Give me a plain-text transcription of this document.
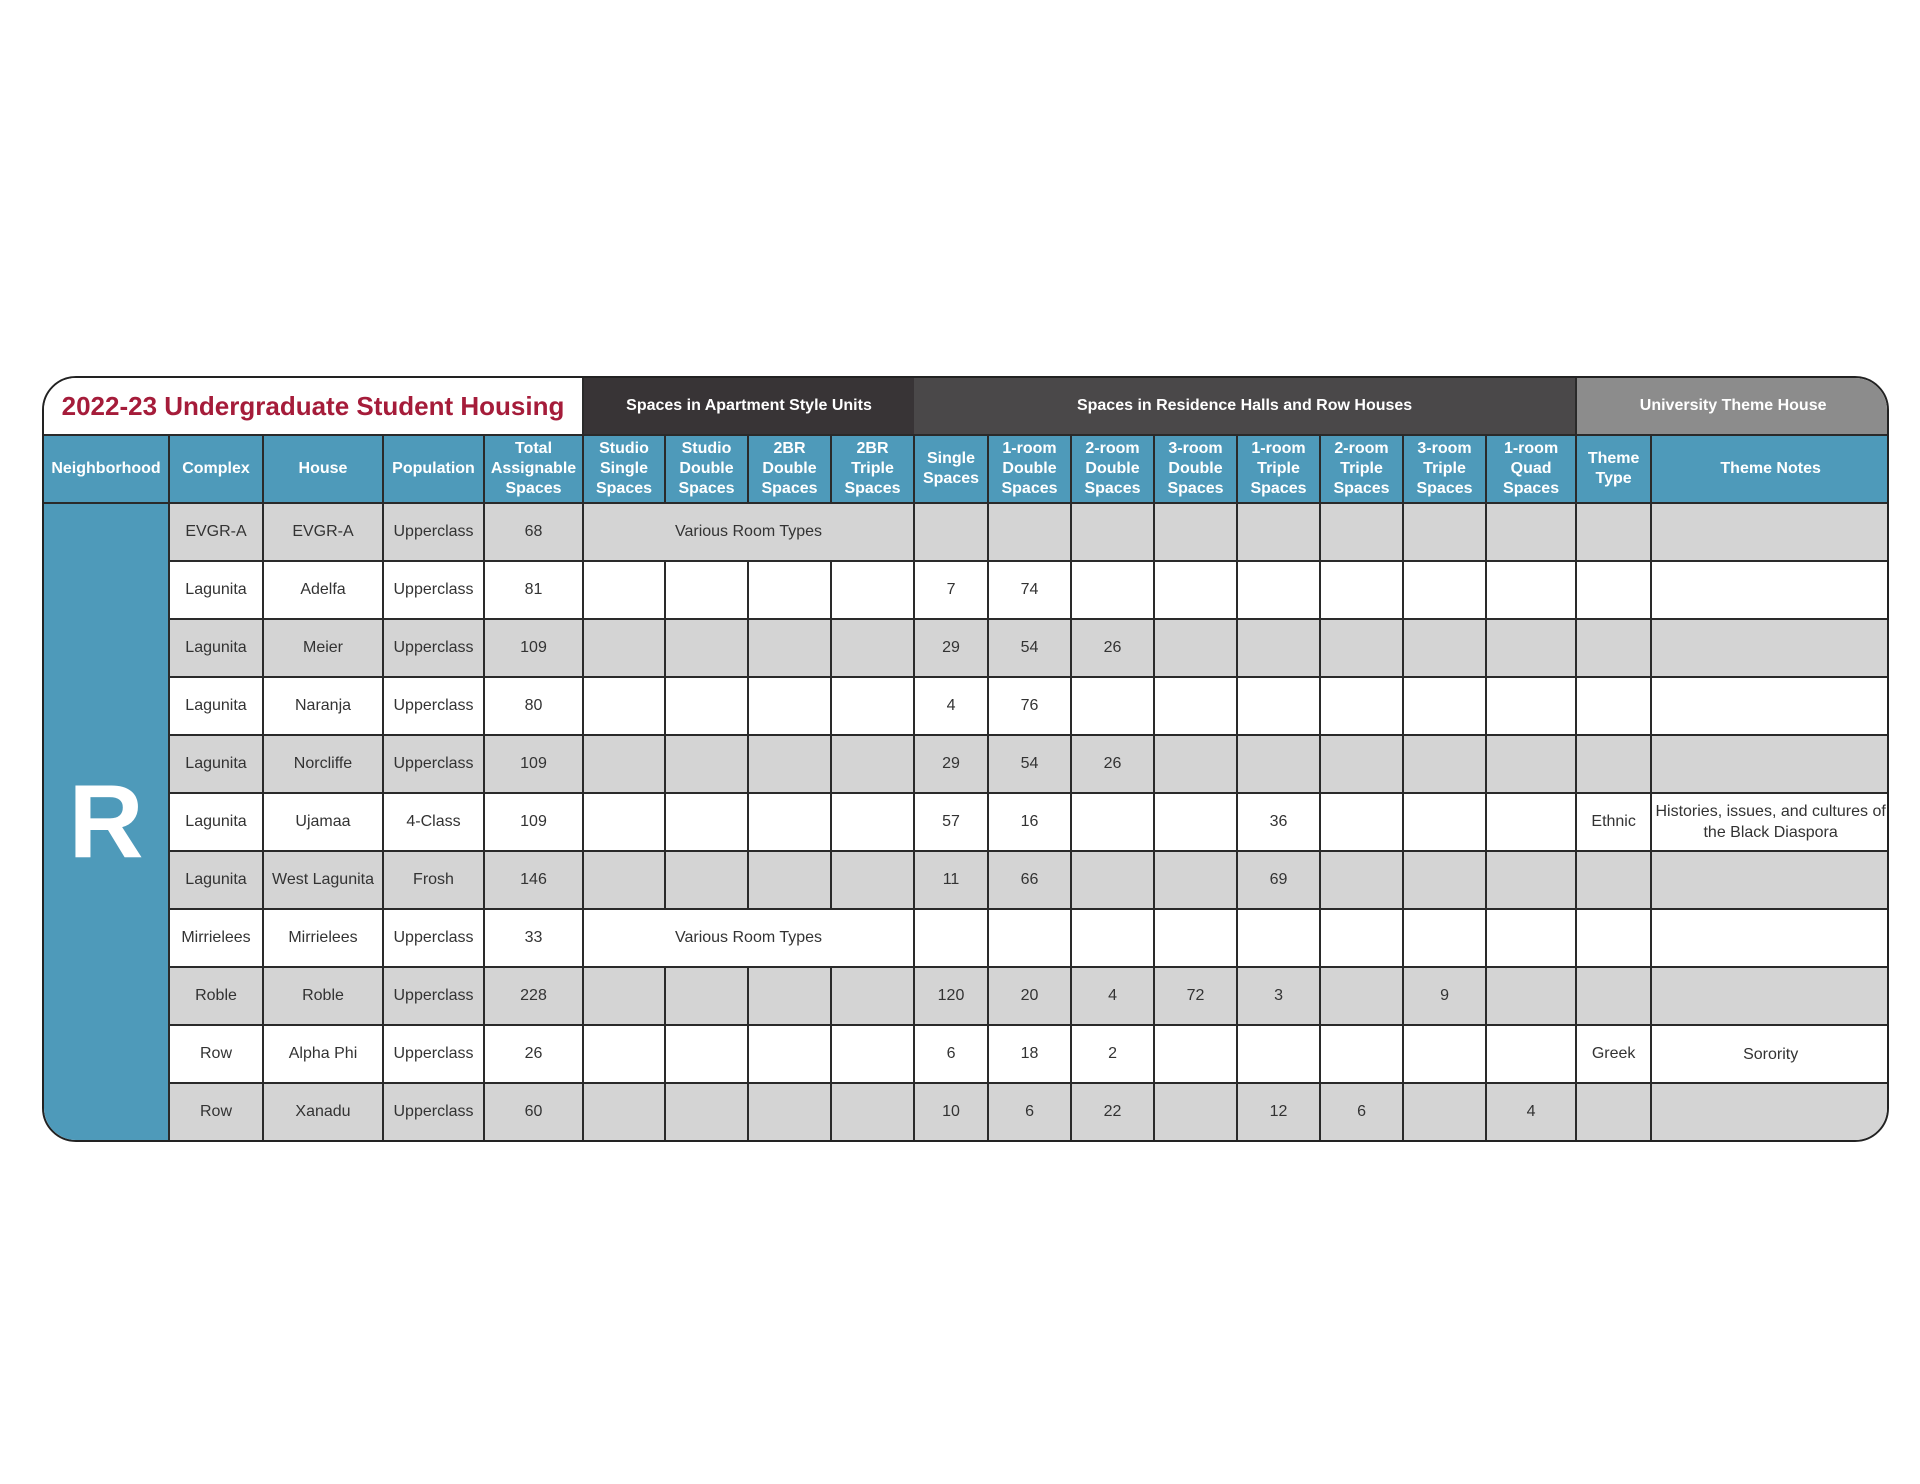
2022-23 Undergraduate Student Housing					Spaces in Apartment Style Units				Spaces in Residence Halls and Row Houses								University Theme House	
Neighborhood	Complex	House	Population	Total Assignable Spaces	Studio Single Spaces	Studio Double Spaces	2BR Double Spaces	2BR Triple Spaces	Single Spaces	1-room Double Spaces	2-room Double Spaces	3-room Double Spaces	1-room Triple Spaces	2-room Triple Spaces	3-room Triple Spaces	1-room Quad Spaces	Theme Type	Theme Notes
R	EVGR-A	EVGR-A	Upperclass	68	Various Room Types													
	Lagunita	Adelfa	Upperclass	81					7	74								
	Lagunita	Meier	Upperclass	109					29	54	26							
	Lagunita	Naranja	Upperclass	80					4	76								
	Lagunita	Norcliffe	Upperclass	109					29	54	26							
	Lagunita	Ujamaa	4-Class	109					57	16			36				Ethnic	Histories, issues, and cultures of the Black Diaspora
	Lagunita	West Lagunita	Frosh	146					11	66			69					
	Mirrielees	Mirrielees	Upperclass	33	Various Room Types													
	Roble	Roble	Upperclass	228					120	20	4	72	3		9			
	Row	Alpha Phi	Upperclass	26					6	18	2						Greek	Sorority
	Row	Xanadu	Upperclass	60					10	6	22		12	6		4		
